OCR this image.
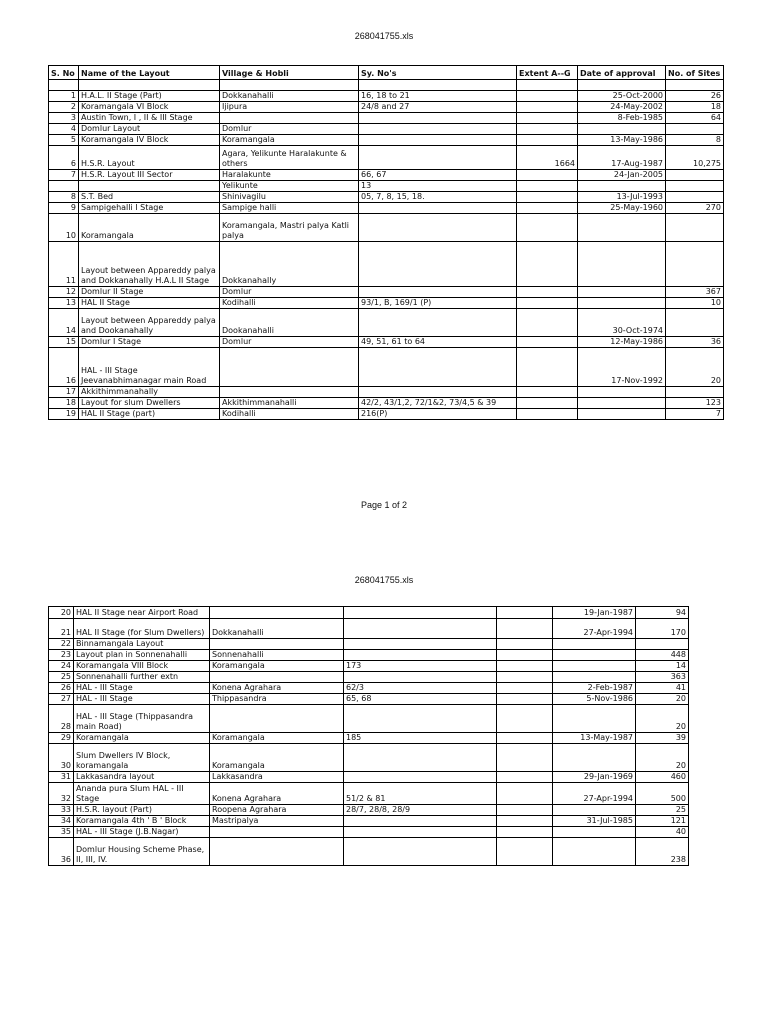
268041755.xls
S. No	Name of the Layout	Village & Hobli	Sy. No's	Extent A--G	Date of approval	No. of Sites

1	H.A.L. II Stage (Part)	Dokkanahalli	16, 18 to 21		25-Oct-2000	26
2	Koramangala VI Block	Ijipura	24/8 and 27		24-May-2002	18
3	Austin Town, I , II & III Stage				8-Feb-1985	64
4	Domlur Layout	Domlur				
5	Koramangala IV Block	Koramangala			13-May-1986	8
6	H.S.R. Layout	Agara, Yelikunte Haralakunte & others		1664	17-Aug-1987	10,275
7	H.S.R. Layout III Sector	Haralakunte	66, 67		24-Jan-2005	
		Yelikunte	13			
8	S.T. Bed	Shinivagilu	05, 7, 8, 15, 18.		13-Jul-1993	
9	Sampigehalli I Stage	Sampige halli			25-May-1960	270
10	Koramangala	Koramangala, Mastri palya Katli palya				
11	Layout between Appareddy palya and Dokkanahally H.A.L II Stage	Dokkanahally				
12	Domlur II Stage	Domlur				367
13	HAL II Stage	Kodihalli	93/1, B, 169/1 (P)			10
14	Layout between Appareddy palya and Dookanahally	Dookanahalli			30-Oct-1974	
15	Domlur I Stage	Domlur	49, 51, 61 to 64		12-May-1986	36
16	HAL - III Stage Jeevanabhimanagar main Road				17-Nov-1992	20
17	Akkithimmanahally					
18	Layout for slum Dwellers	Akkithimmanahalli	42/2, 43/1,2, 72/1&2, 73/4,5 & 39			123
19	HAL II Stage (part)	Kodihalli	216(P)			7
Page 1 of 2
268041755.xls
20	HAL II Stage near Airport Road				19-Jan-1987	94
21	HAL II Stage (for Slum Dwellers)	Dokkanahalli			27-Apr-1994	170
22	Binnamangala Layout					
23	Layout plan in Sonnenahalli	Sonnenahalli				448
24	Koramangala VIII Block	Koramangala	173			14
25	Sonnenahalli further extn					363
26	HAL - III Stage	Konena Agrahara	62/3		2-Feb-1987	41
27	HAL - III Stage	Thippasandra	65, 68		5-Nov-1986	20
28	HAL - III Stage (Thippasandra main Road)					20
29	Koramangala	Koramangala	185		13-May-1987	39
30	Slum Dwellers IV Block, koramangala	Koramangala				20
31	Lakkasandra layout	Lakkasandra			29-Jan-1969	460
32	Ananda pura Slum HAL - III Stage	Konena Agrahara	51/2 & 81		27-Apr-1994	500
33	H.S.R. layout (Part)	Roopena Agrahara	28/7, 28/8, 28/9			25
34	Koramangala 4th ' B ' Block	Mastripalya			31-Jul-1985	121
35	HAL - III Stage (J.B.Nagar)					40
36	Domlur Housing Scheme Phase, II, III, IV.					238
